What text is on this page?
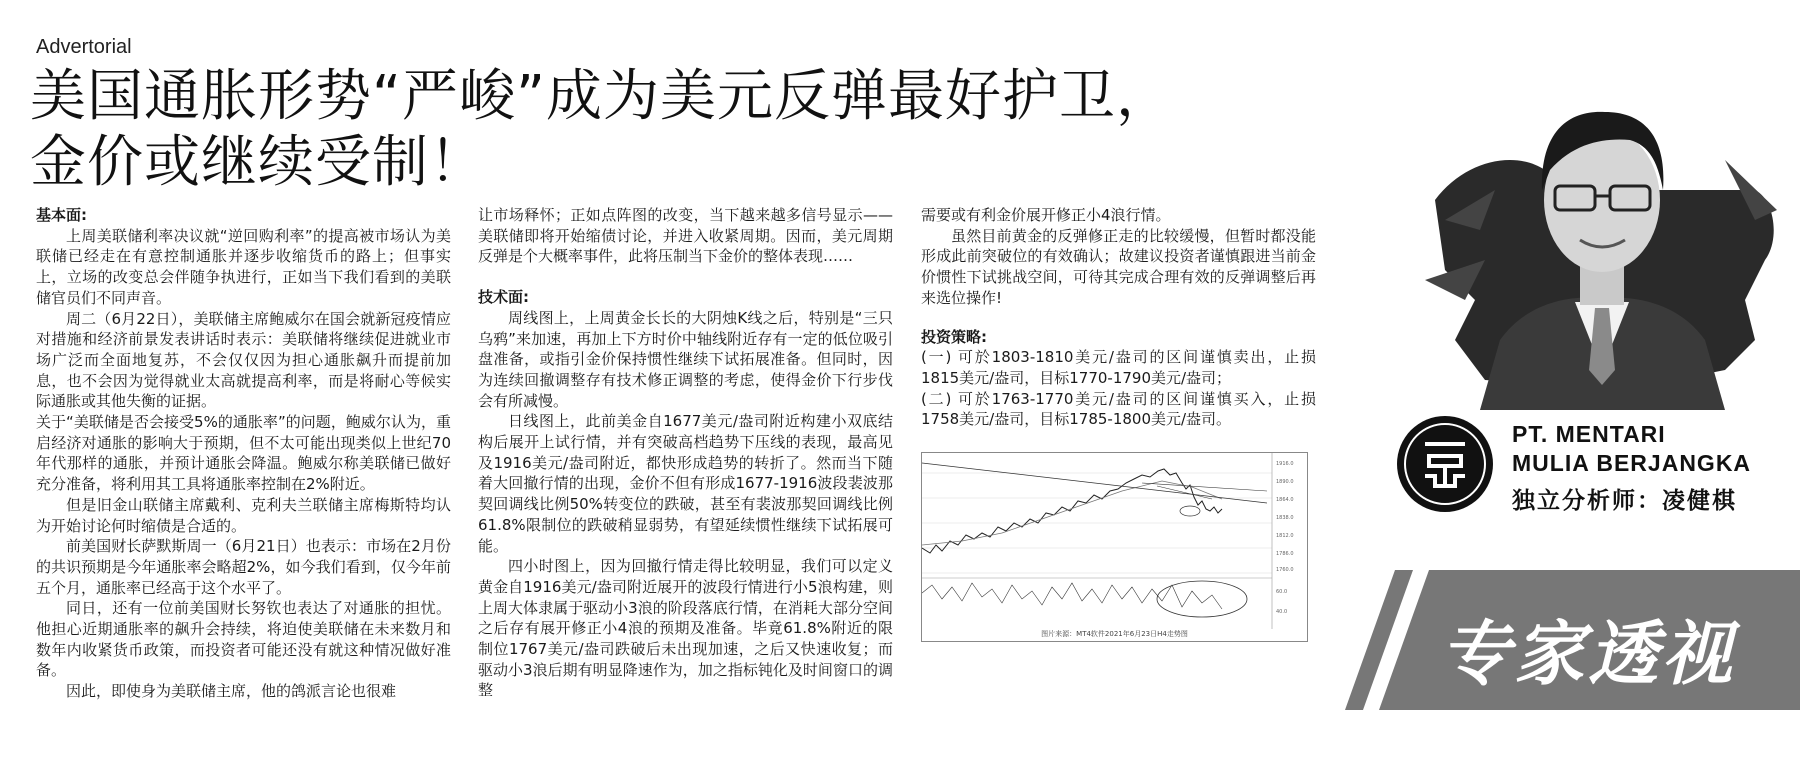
Advertorial
美国通胀形势“严峻”成为美元反弹最好护卫，
金价或继续受制！
基本面:

上周美联储利率决议就“逆回购利率”的提高被市场认为美联储已经走在有意控制通胀并逐步收缩货币的路上；但事实上，立场的改变总会伴随争执进行，正如当下我们看到的美联储官员们不同声音。

周二（6月22日），美联储主席鲍威尔在国会就新冠疫情应对措施和经济前景发表讲话时表示：美联储将继续促进就业市场广泛而全面地复苏，不会仅仅因为担心通胀飙升而提前加息，也不会因为觉得就业太高就提高利率，而是将耐心等候实际通胀或其他失衡的证据。

关于“美联储是否会接受5%的通胀率”的问题，鲍威尔认为，重启经济对通胀的影响大于预期，但不太可能出现类似上世纪70年代那样的通胀，并预计通胀会降温。鲍威尔称美联储已做好充分准备，将利用其工具将通胀率控制在2%附近。

但是旧金山联储主席戴利、克利夫兰联储主席梅斯特均认为开始讨论何时缩债是合适的。

前美国财长萨默斯周一（6月21日）也表示：市场在2月份的共识预期是今年通胀率会略超2%，如今我们看到，仅今年前五个月，通胀率已经高于这个水平了。

同日，还有一位前美国财长努钦也表达了对通胀的担忧。他担心近期通胀率的飙升会持续，将迫使美联储在未来数月和数年内收紧货币政策，而投资者可能还没有就这种情况做好准备。

因此，即使身为美联储主席，他的鸽派言论也很难

让市场释怀；正如点阵图的改变，当下越来越多信号显示——美联储即将开始缩债讨论，并进入收紧周期。因而，美元周期反弹是个大概率事件，此将压制当下金价的整体表现……

技术面:

周线图上，上周黄金长长的大阴烛K线之后，特别是“三只乌鸦”来加速，再加上下方时价中轴线附近存有一定的低位吸引盘准备，或指引金价保持惯性继续下试拓展准备。但同时，因为连续回撤调整存有技术修正调整的考虑，使得金价下行步伐会有所减慢。

日线图上，此前美金自1677美元/盎司附近构建小双底结构后展开上试行情，并有突破高档趋势下压线的表现，最高见及1916美元/盎司附近，都快形成趋势的转折了。然而当下随着大回撤行情的出现，金价不但有形成1677-1916波段裴波那契回调线比例50%转变位的跌破，甚至有裴波那契回调线比例61.8%限制位的跌破稍显弱势，有望延续惯性继续下试拓展可能。

四小时图上，因为回撤行情走得比较明显，我们可以定义黄金自1916美元/盎司附近展开的波段行情进行小5浪构建，则上周大体隶属于驱动小3浪的阶段落底行情，在消耗大部分空间之后存有展开修正小4浪的预期及准备。毕竟61.8%附近的限制位1767美元/盎司跌破后未出现加速，之后又快速收复；而驱动小3浪后期有明显降速作为，加之指标钝化及时间窗口的调整

需要或有利金价展开修正小4浪行情。

虽然目前黄金的反弹修正走的比较缓慢，但暂时都没能形成此前突破位的有效确认；故建议投资者谨慎跟进当前金价惯性下试挑战空间，可待其完成合理有效的反弹调整后再来选位操作!

投资策略:

(一) 可於1803-1810美元/盎司的区间谨慎卖出，止损1815美元/盎司，目标1770-1790美元/盎司；

(二) 可於1763-1770美元/盎司的区间谨慎买入，止损1758美元/盎司，目标1785-1800美元/盎司。

1916.0
1890.0
1864.0
1838.0
1812.0
1786.0
1760.0
60.0
40.0
图片来源：MT4软件2021年6月23日H4走势图
PT. MENTARI
MULIA BERJANGKA
独立分析师：凌健棋
专家透视
